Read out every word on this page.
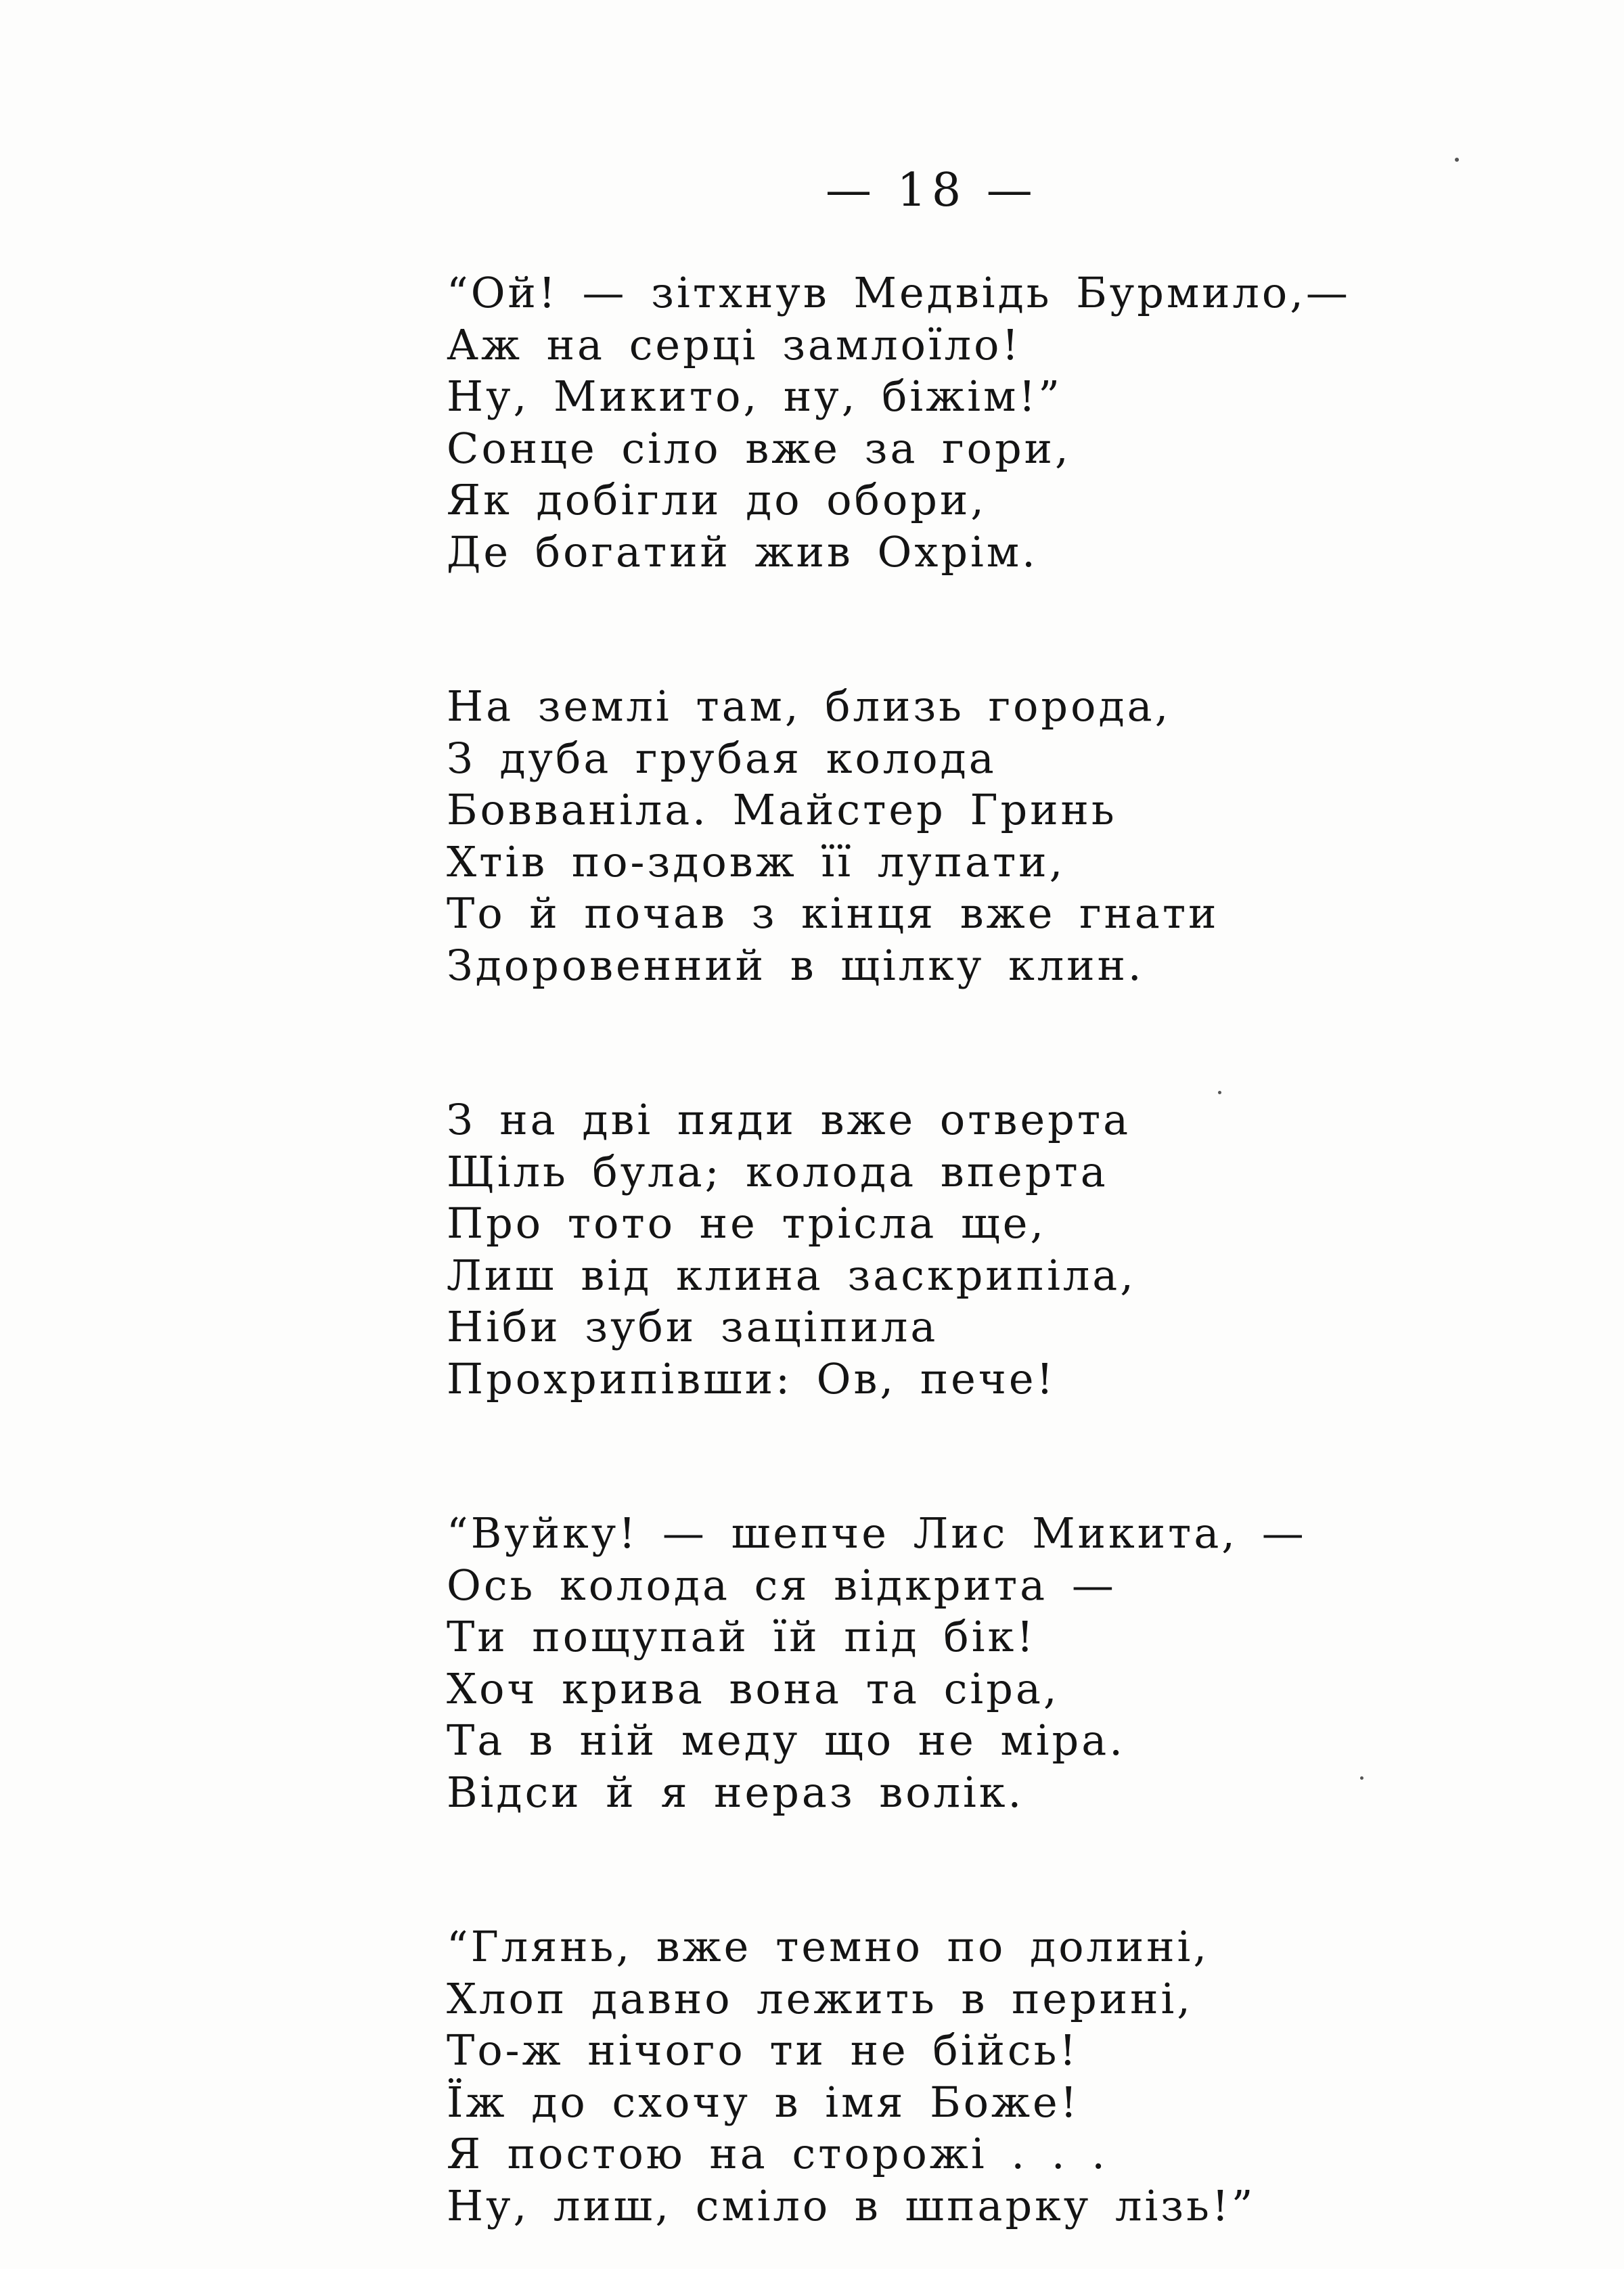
— 18 —
“Ой! — зітхнув Медвідь Бурмило,—
Аж на серці замлоїло!
Ну, Микито, ну, біжім!”
Сонце сіло вже за гори,
Як добігли до обори,
Де богатий жив Охрім.
На землі там, близь города,
З дуба грубая колода
Бовваніла. Майстер Гринь
Хтів по-здовж її лупати,
То й почав з кінця вже гнати
Здоровенний в щілку клин.
З на дві пяди вже отверта
Щіль була; колода вперта
Про тото не трісла ще,
Лиш від клина заскрипіла,
Ніби зуби заціпила
Прохрипівши: Ов, пече!
“Вуйку! — шепче Лис Микита, —
Ось колода ся відкрита —
Ти пощупай їй під бік!
Хоч крива вона та сіра,
Та в ній меду що не міра.
Відси й я нераз волік.
“Глянь, вже темно по долині,
Хлоп давно лежить в перині,
То-ж нічого ти не бійсь!
Їж до схочу в імя Боже!
Я постою на сторожі . . .
Ну, лиш, сміло в шпарку лізь!”
